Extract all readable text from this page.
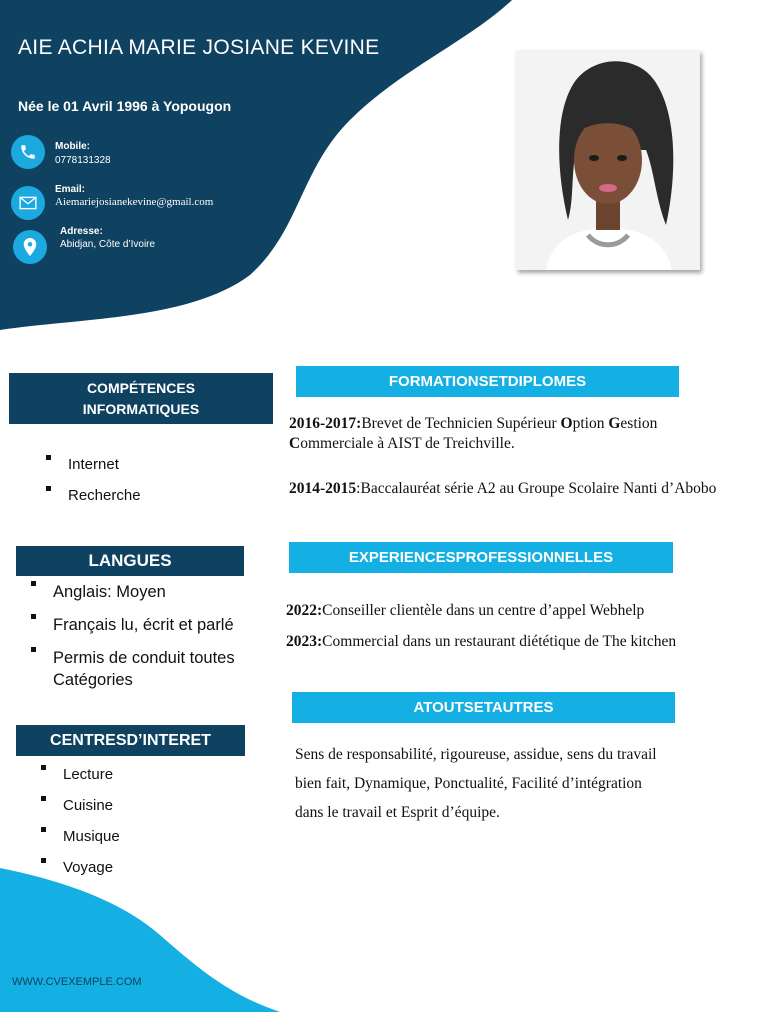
AIE ACHIA MARIE JOSIANE KEVINE
Née le 01 Avril 1996 à Yopougon
Mobile:
0778131328
Email:
Aiemariejosianekevine@gmail.com
Adresse:
Abidjan, Côte d’Ivoire
COMPÉTENCES
INFORMATIQUES
Internet
Recherche
LANGUES
Anglais: Moyen
Français lu, écrit et parlé
Permis de conduit toutes Catégories
CENTRESD’INTERET
Lecture
Cuisine
Musique
Voyage
FORMATIONSETDIPLOMES
2016-2017:Brevet de Technicien Supérieur Option Gestion Commerciale à AIST de Treichville.
2014-2015:Baccalauréat série A2 au Groupe Scolaire Nanti d’Abobo
EXPERIENCESPROFESSIONNELLES
2022:Conseiller clientèle dans un centre d’appel Webhelp
2023:Commercial dans un restaurant diététique de The kitchen
ATOUTSETAUTRES
Sens de responsabilité, rigoureuse, assidue, sens du travail
bien fait, Dynamique, Ponctualité, Facilité d’intégration
dans le travail et Esprit d’équipe.
WWW.CVEXEMPLE.COM
